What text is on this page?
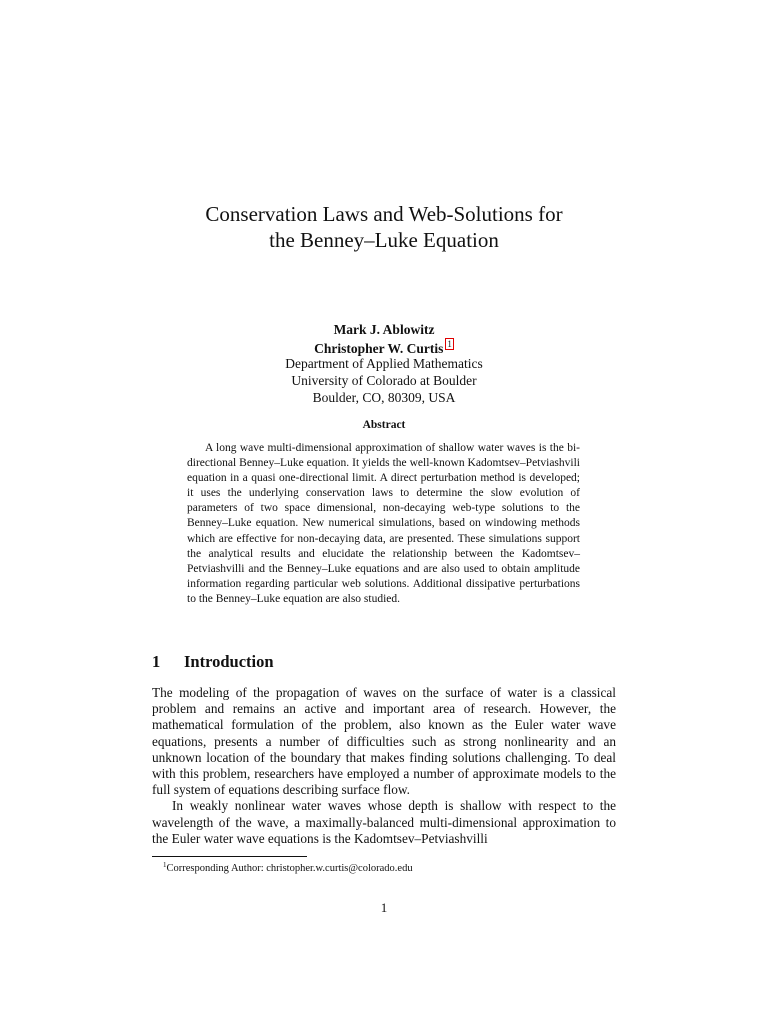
Conservation Laws and Web-Solutions for
the Benney–Luke Equation
Mark J. Ablowitz
Christopher W. Curtis 1
Department of Applied Mathematics
University of Colorado at Boulder
Boulder, CO, 80309, USA
Abstract

A long wave multi-dimensional approximation of shallow water waves is the bi-directional Benney–Luke equation. It yields the well-known Kadomtsev–Petviashvili equation in a quasi one-directional limit. A direct perturbation method is developed; it uses the underlying conservation laws to determine the slow evolution of parameters of two space dimensional, non-decaying web-type solutions to the Benney–Luke equation. New numerical simulations, based on windowing methods which are effective for non-decaying data, are presented. These simulations support the analytical results and elucidate the relationship between the Kadomtsev–Petviashvilli and the Benney–Luke equations and are also used to obtain amplitude information regarding particular web solutions. Additional dissipative perturbations to the Benney–Luke equation are also studied.

1 Introduction

The modeling of the propagation of waves on the surface of water is a classical problem and remains an active and important area of research. However, the mathematical formulation of the problem, also known as the Euler water wave equations, presents a number of difficulties such as strong nonlinearity and an unknown location of the boundary that makes finding solutions challenging. To deal with this problem, researchers have employed a number of approximate models to the full system of equations describing surface flow.

In weakly nonlinear water waves whose depth is shallow with respect to the wavelength of the wave, a maximally-balanced multi-dimensional approximation to the Euler water wave equations is the Kadomtsev–Petviashvilli

$^1$Corresponding Author: christopher.w.curtis@colorado.edu
1
